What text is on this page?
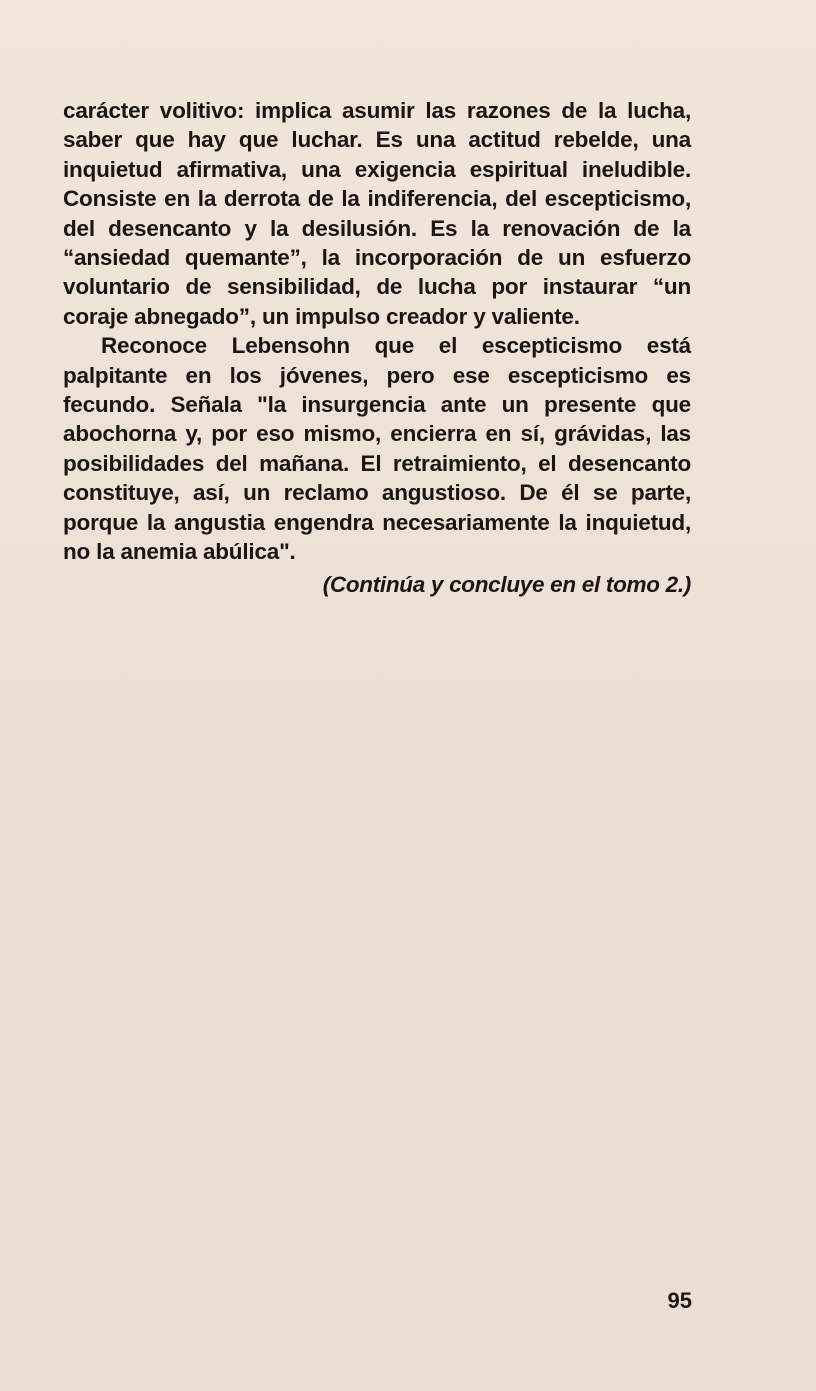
carácter volitivo: implica asumir las razones de la lucha, saber que hay que luchar. Es una actitud rebelde, una inquietud afirmativa, una exigencia espiritual ineludible. Consiste en la derrota de la indiferencia, del escepticismo, del desencanto y la desilusión. Es la renovación de la “ansiedad quemante”, la incorporación de un esfuerzo voluntario de sensibilidad, de lucha por instaurar “un coraje abnegado”, un impulso creador y valiente.

Reconoce Lebensohn que el escepticismo está palpitante en los jóvenes, pero ese escepticismo es fecundo. Señala "la insurgencia ante un presente que abochorna y, por eso mismo, encierra en sí, grávidas, las posibilidades del mañana. El retraimiento, el desencanto constituye, así, un reclamo angustioso. De él se parte, porque la angustia engendra necesariamente la inquietud, no la anemia abúlica".

(Continúa y concluye en el tomo 2.)
95
